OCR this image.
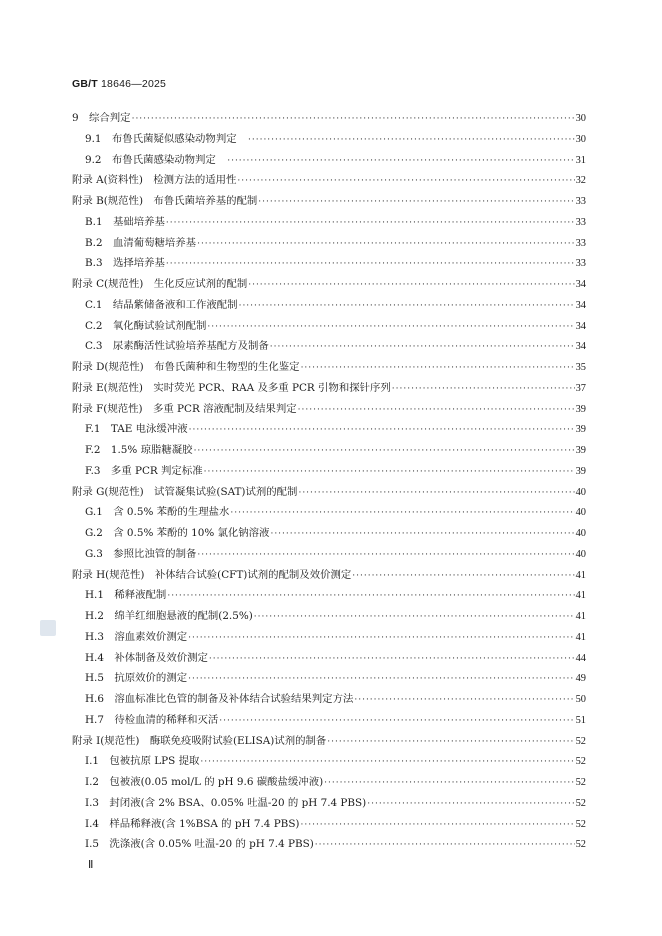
GB/T 18646—2025
9　综合判定 ·····	30
9.1　布鲁氏菌疑似感染动物判定　 ·····	30
9.2　布鲁氏菌感染动物判定　 ·····	31
附录 A(资料性)　检测方法的适用性 ·····	32
附录 B(规范性)　布鲁氏菌培养基的配制 ·····	33
B.1　基础培养基 ·····	33
B.2　血清葡萄糖培养基 ·····	33
B.3　选择培养基 ·····	33
附录 C(规范性)　生化反应试剂的配制 ·····	34
C.1　结晶紫储备液和工作液配制 ·····	34
C.2　氧化酶试验试剂配制 ·····	34
C.3　尿素酶活性试验培养基配方及制备 ·····	34
附录 D(规范性)　布鲁氏菌种和生物型的生化鉴定 ·····	35
附录 E(规范性)　实时荧光 PCR、RAA 及多重 PCR 引物和探针序列 ·····	37
附录 F(规范性)　多重 PCR 溶液配制及结果判定 ·····	39
F.1　TAE 电泳缓冲液 ·····	39
F.2　1.5% 琼脂糖凝胶 ·····	39
F.3　多重 PCR 判定标准 ·····	39
附录 G(规范性)　试管凝集试验(SAT)试剂的配制 ·····	40
G.1　含 0.5% 苯酚的生理盐水 ·····	40
G.2　含 0.5% 苯酚的 10% 氯化钠溶液 ·····	40
G.3　参照比浊管的制备 ·····	40
附录 H(规范性)　补体结合试验(CFT)试剂的配制及效价测定 ·····	41
H.1　稀释液配制 ·····	41
H.2　绵羊红细胞悬液的配制(2.5%) ·····	41
H.3　溶血素效价测定 ·····	41
H.4　补体制备及效价测定 ·····	44
H.5　抗原效价的测定 ·····	49
H.6　溶血标准比色管的制备及补体结合试验结果判定方法 ·····	50
H.7　待检血清的稀释和灭活 ·····	51
附录 I(规范性)　酶联免疫吸附试验(ELISA)试剂的制备 ·····	52
I.1　包被抗原 LPS 提取 ·····	52
I.2　包被液(0.05 mol/L 的 pH 9.6 碳酸盐缓冲液) ·····	52
I.3　封闭液(含 2% BSA、0.05% 吐温-20 的 pH 7.4 PBS) ·····	52
I.4　样品稀释液(含 1%BSA 的 pH 7.4 PBS) ·····	52
I.5　洗涤液(含 0.05% 吐温-20 的 pH 7.4 PBS) ·····	52
Ⅱ
